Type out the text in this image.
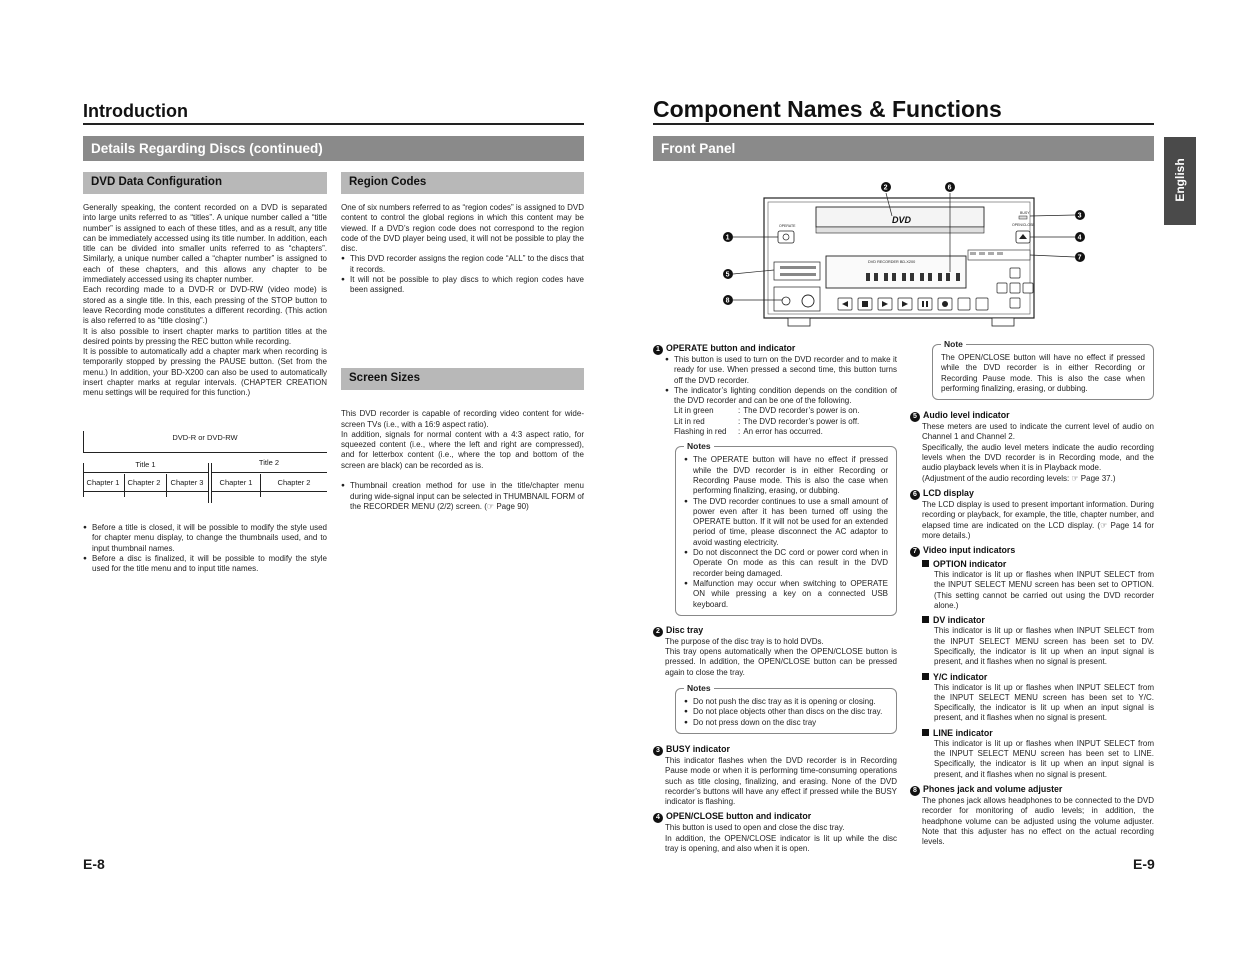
Introduction
Details Regarding Discs (continued)
DVD Data Configuration

Generally speaking, the content recorded on a DVD is separated into large units referred to as “titles”. A unique number called a “title number” is assigned to each of these titles, and as a result, any title can be immediately accessed using its title number. In addition, each title can be divided into smaller units referred to as “chapters”. Similarly, a unique number called a “chapter number” is assigned to each of these chapters, and this allows any chapter to be immediately accessed using its chapter number.

Each recording made to a DVD-R or DVD-RW (video mode) is stored as a single title. In this, each pressing of the STOP button to leave Recording mode constitutes a different recording. (This action is also referred to as “title closing”.)

It is also possible to insert chapter marks to partition titles at the desired points by pressing the REC button while recording.

It is possible to automatically add a chapter mark when recording is temporarily stopped by pressing the PAUSE button. (Set from the menu.) In addition, your BD-X200 can also be used to automatically insert chapter marks at regular intervals. (CHAPTER CREATION menu settings will be required for this function.)

DVD-R or DVD-RW
Title 1
Chapter 1	Chapter 2	Chapter 3
Title 2
Chapter 1	Chapter 2

● Before a title is closed, it will be possible to modify the style used for chapter menu display, to change the thumbnails used, and to input thumbnail names.

● Before a disc is finalized, it will be possible to modify the style used for the title menu and to input title names.

Region Codes

One of six numbers referred to as “region codes” is assigned to DVD content to control the global regions in which this content may be viewed. If a DVD’s region code does not correspond to the region code of the DVD player being used, it will not be possible to play the disc.

● This DVD recorder assigns the region code “ALL” to the discs that it records.

● It will not be possible to play discs to which region codes have been assigned.

Screen Sizes

This DVD recorder is capable of recording video content for wide-screen TVs (i.e., with a 16:9 aspect ratio).
In addition, signals for normal content with a 4:3 aspect ratio, for squeezed content (i.e., where the left and right are compressed), and for letterbox content (i.e., where the top and bottom of the screen are black) can be recorded as is.

● Thumbnail creation method for use in the title/chapter menu during wide-signal input can be selected in THUMBNAIL FORM of the RECORDER MENU (2/2) screen. (☞ Page 90)

E-8
Component Names & Functions
Front Panel
English
DVD
OPERATE
BUSY
OPEN/CLOSE
DVD RECORDER BD-X200
1
2
3
4
5
6
7
8
1 OPERATE button and indicator

● This button is used to turn on the DVD recorder and to make it ready for use. When pressed a second time, this button turns off the DVD recorder.

● The indicator’s lighting condition depends on the condition of the DVD recorder and can be one of the following.

Lit in green	:	The DVD recorder’s power is on.
Lit in red	:	The DVD recorder’s power is off.
Flashing in red	:	An error has occurred.
Notes

● The OPERATE button will have no effect if pressed while the DVD recorder is in either Recording or Recording Pause mode. This is also the case when performing finalizing, erasing, or dubbing.

● The DVD recorder continues to use a small amount of power even after it has been turned off using the OPERATE button. If it will not be used for an extended period of time, please disconnect the AC adaptor to avoid wasting electricity.

● Do not disconnect the DC cord or power cord when in Operate On mode as this can result in the DVD recorder being damaged.

● Malfunction may occur when switching to OPERATE ON while pressing a key on a connected USB keyboard.

2 Disc tray

The purpose of the disc tray is to hold DVDs.
This tray opens automatically when the OPEN/CLOSE button is pressed. In addition, the OPEN/CLOSE button can be pressed again to close the tray.

Notes

● Do not push the disc tray as it is opening or closing.

● Do not place objects other than discs on the disc tray.

● Do not press down on the disc tray

3 BUSY indicator

This indicator flashes when the DVD recorder is in Recording Pause mode or when it is performing time-consuming operations such as title closing, finalizing, and erasing. None of the DVD recorder’s buttons will have any effect if pressed while the BUSY indicator is flashing.

4 OPEN/CLOSE button and indicator

This button is used to open and close the disc tray.
In addition, the OPEN/CLOSE indicator is lit up while the disc tray is opening, and also when it is open.

Note

The OPEN/CLOSE button will have no effect if pressed while the DVD recorder is in either Recording or Recording Pause mode. This is also the case when performing finalizing, erasing, or dubbing.

5 Audio level indicator

These meters are used to indicate the current level of audio on Channel 1 and Channel 2.
Specifically, the audio level meters indicate the audio recording levels when the DVD recorder is in Recording mode, and the audio playback levels when it is in Playback mode.
(Adjustment of the audio recording levels: ☞ Page 37.)

6 LCD display

The LCD display is used to present important information. During recording or playback, for example, the title, chapter number, and elapsed time are indicated on the LCD display. (☞ Page 14 for more details.)

7 Video input indicators
OPTION indicator

This indicator is lit up or flashes when INPUT SELECT from the INPUT SELECT MENU screen has been set to OPTION. (This setting cannot be carried out using the DVD recorder alone.)

DV indicator

This indicator is lit up or flashes when INPUT SELECT from the INPUT SELECT MENU screen has been set to DV. Specifically, the indicator is lit up when an input signal is present, and it flashes when no signal is present.

Y/C indicator

This indicator is lit up or flashes when INPUT SELECT from the INPUT SELECT MENU screen has been set to Y/C. Specifically, the indicator is lit up when an input signal is present, and it flashes when no signal is present.

LINE indicator

This indicator is lit up or flashes when INPUT SELECT from the INPUT SELECT MENU screen has been set to LINE. Specifically, the indicator is lit up when an input signal is present, and it flashes when no signal is present.

8 Phones jack and volume adjuster

The phones jack allows headphones to be connected to the DVD recorder for monitoring of audio levels; in addition, the headphone volume can be adjusted using the volume adjuster. Note that this adjuster has no effect on the actual recording levels.

E-9
